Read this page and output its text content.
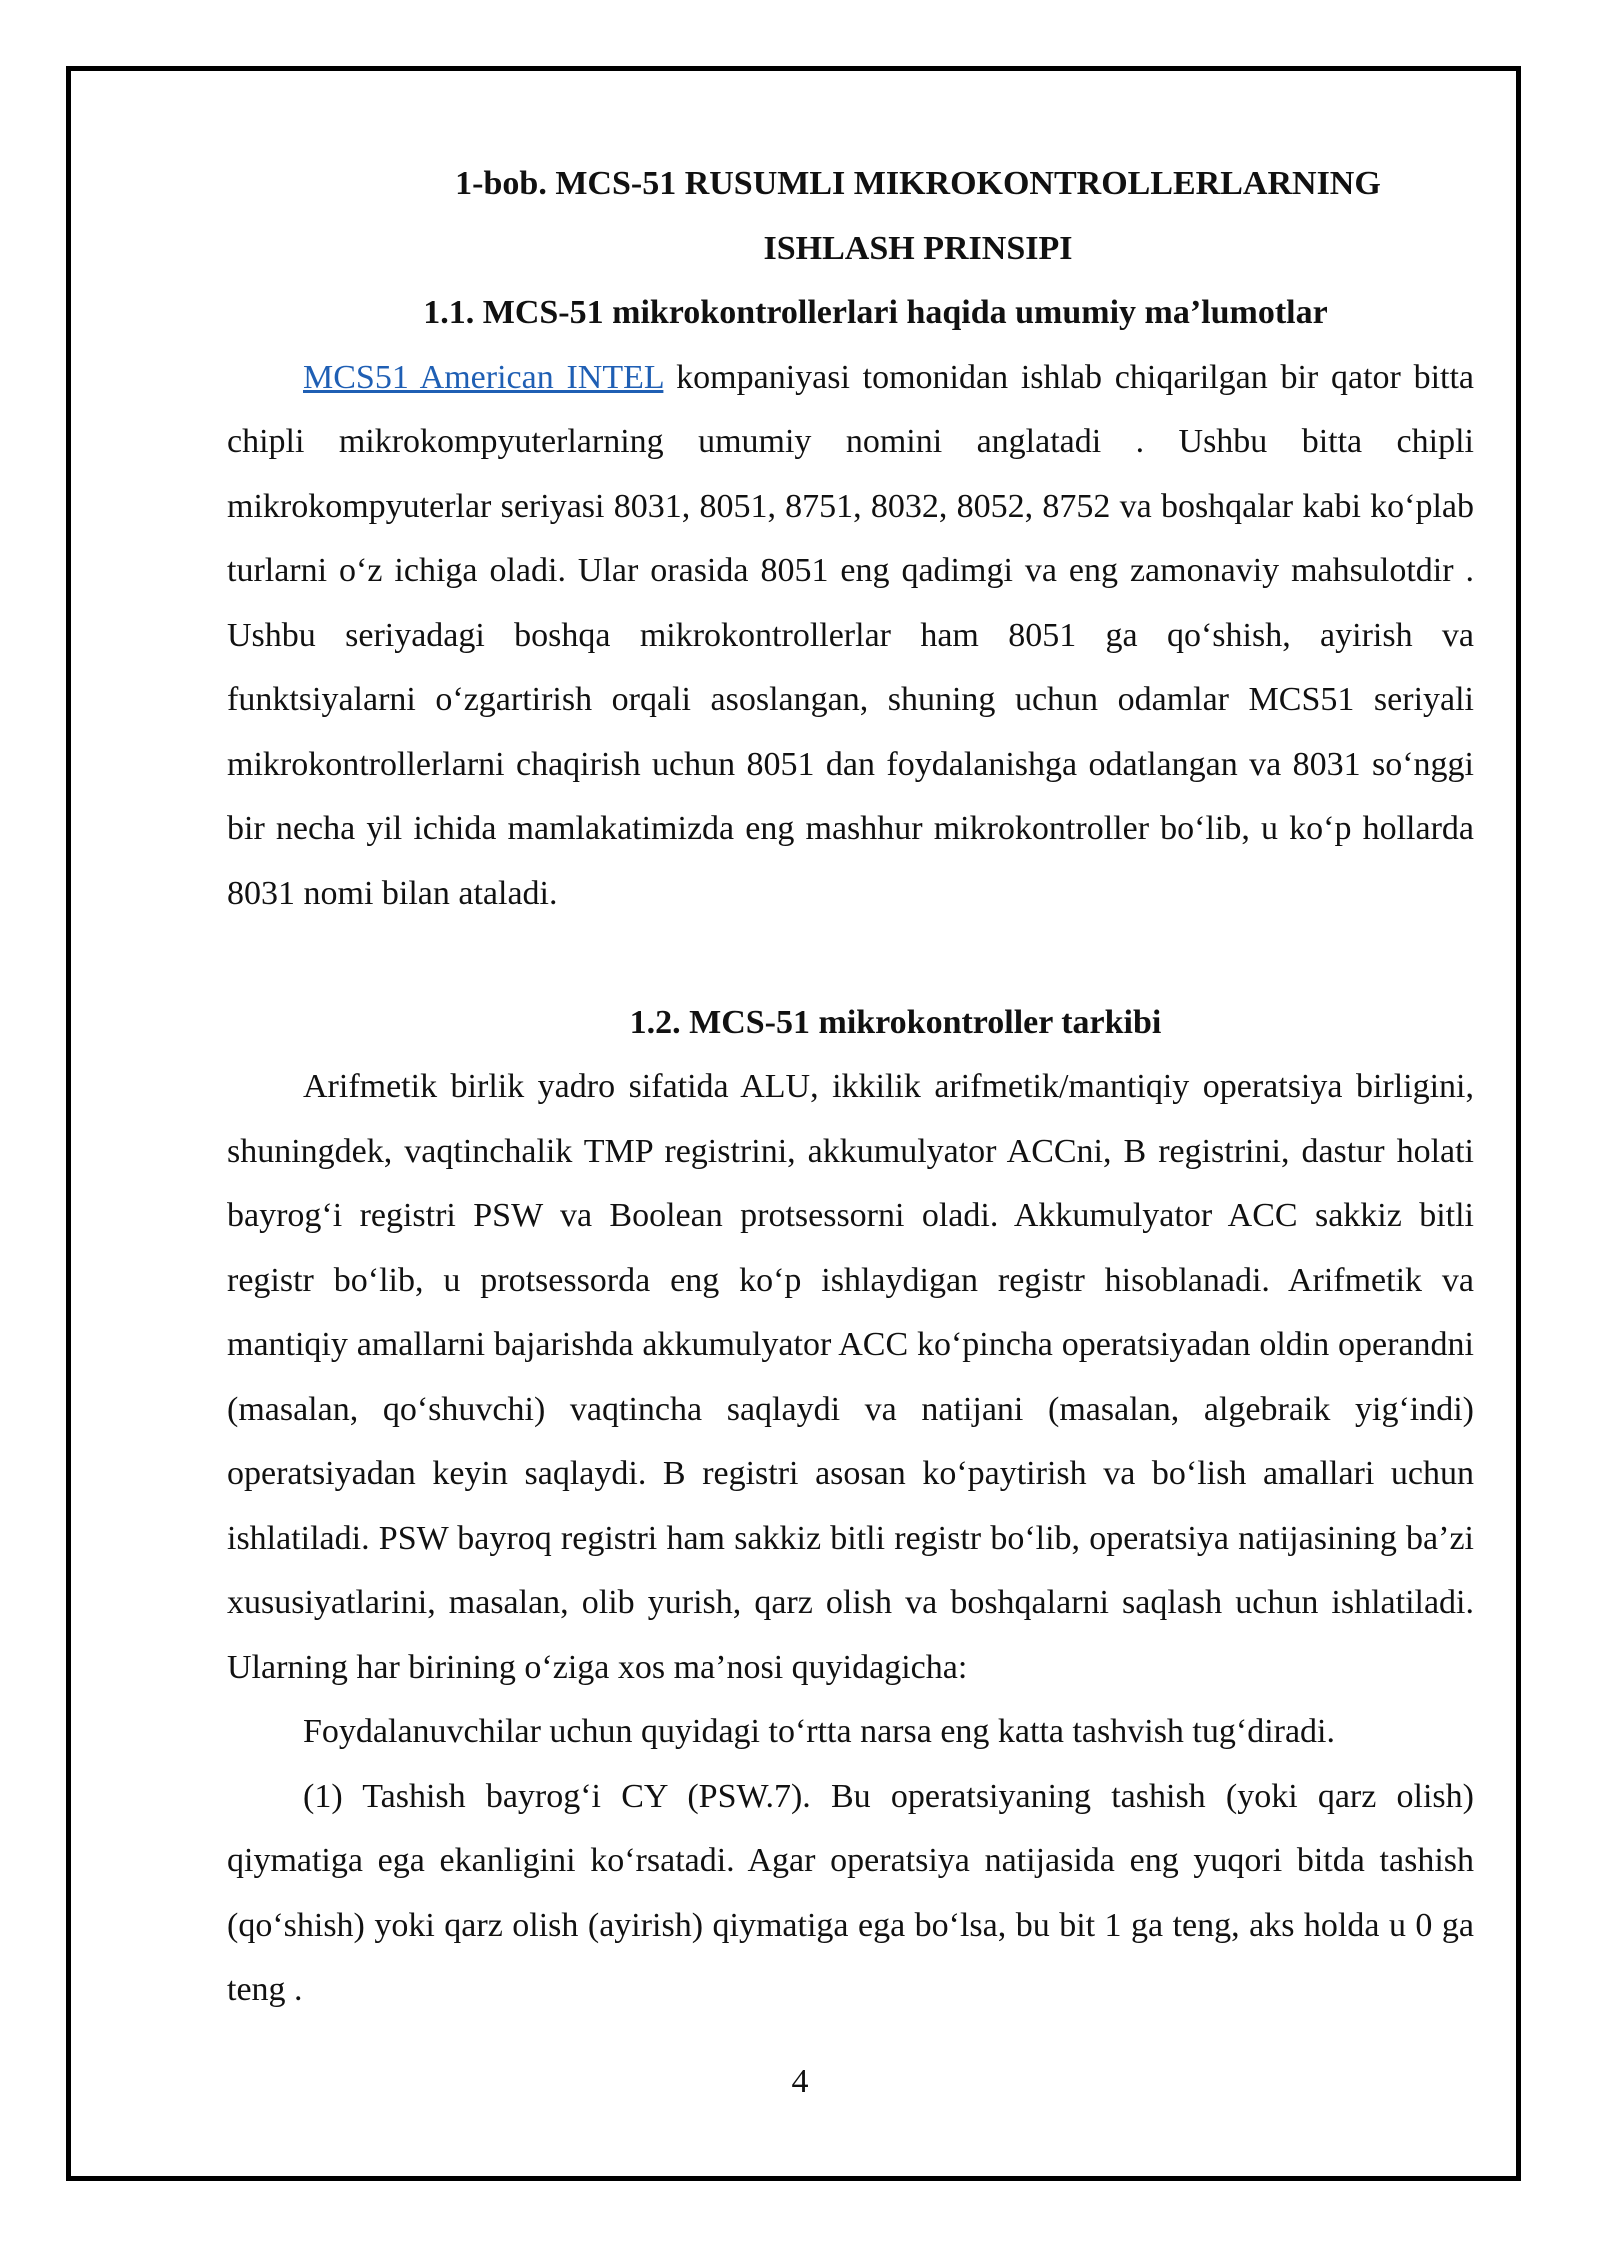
1-bob. MCS-51 RUSUMLI MIKROKONTROLLERLARNING
ISHLASH PRINSIPI
1.1. MCS-51 mikrokontrollerlari haqida umumiy ma’lumotlar

MCS51 American INTEL kompaniyasi tomonidan ishlab chiqarilgan bir qator bitta chipli mikrokompyuterlarning umumiy nomini anglatadi . Ushbu bitta chipli mikrokompyuterlar seriyasi 8031, 8051, 8751, 8032, 8052, 8752 va boshqalar kabi ko‘plab turlarni o‘z ichiga oladi. Ular orasida 8051 eng qadimgi va eng zamonaviy mahsulotdir . Ushbu seriyadagi boshqa mikrokontrollerlar ham 8051 ga qo‘shish, ayirish va funktsiyalarni o‘zgartirish orqali asoslangan, shuning uchun odamlar MCS51 seriyali mikrokontrollerlarni chaqirish uchun 8051 dan foydalanishga odatlangan va 8031 so‘nggi bir necha yil ichida mamlakatimizda eng mashhur mikrokontroller bo‘lib, u ko‘p hollarda 8031 nomi bilan ataladi.

1.2. MCS-51 mikrokontroller tarkibi

Arifmetik birlik yadro sifatida ALU, ikkilik arifmetik/mantiqiy operatsiya birligini, shuningdek, vaqtinchalik TMP registrini, akkumulyator ACCni, B registrini, dastur holati bayrog‘i registri PSW va Boolean protsessorni oladi. Akkumulyator ACC sakkiz bitli registr bo‘lib, u protsessorda eng ko‘p ishlaydigan registr hisoblanadi. Arifmetik va mantiqiy amallarni bajarishda akkumulyator ACC ko‘pincha operatsiyadan oldin operandni (masalan, qo‘shuvchi) vaqtincha saqlaydi va natijani (masalan, algebraik yig‘indi) operatsiyadan keyin saqlaydi. B registri asosan ko‘paytirish va bo‘lish amallari uchun ishlatiladi. PSW bayroq registri ham sakkiz bitli registr bo‘lib, operatsiya natijasining ba’zi xususiyatlarini, masalan, olib yurish, qarz olish va boshqalarni saqlash uchun ishlatiladi. Ularning har birining o‘ziga xos ma’nosi quyidagicha:

Foydalanuvchilar uchun quyidagi to‘rtta narsa eng katta tashvish tug‘diradi.

(1) Tashish bayrog‘i CY (PSW.7). Bu operatsiyaning tashish (yoki qarz olish) qiymatiga ega ekanligini ko‘rsatadi. Agar operatsiya natijasida eng yuqori bitda tashish (qo‘shish) yoki qarz olish (ayirish) qiymatiga ega bo‘lsa, bu bit 1 ga teng, aks holda u 0 ga teng .

4
